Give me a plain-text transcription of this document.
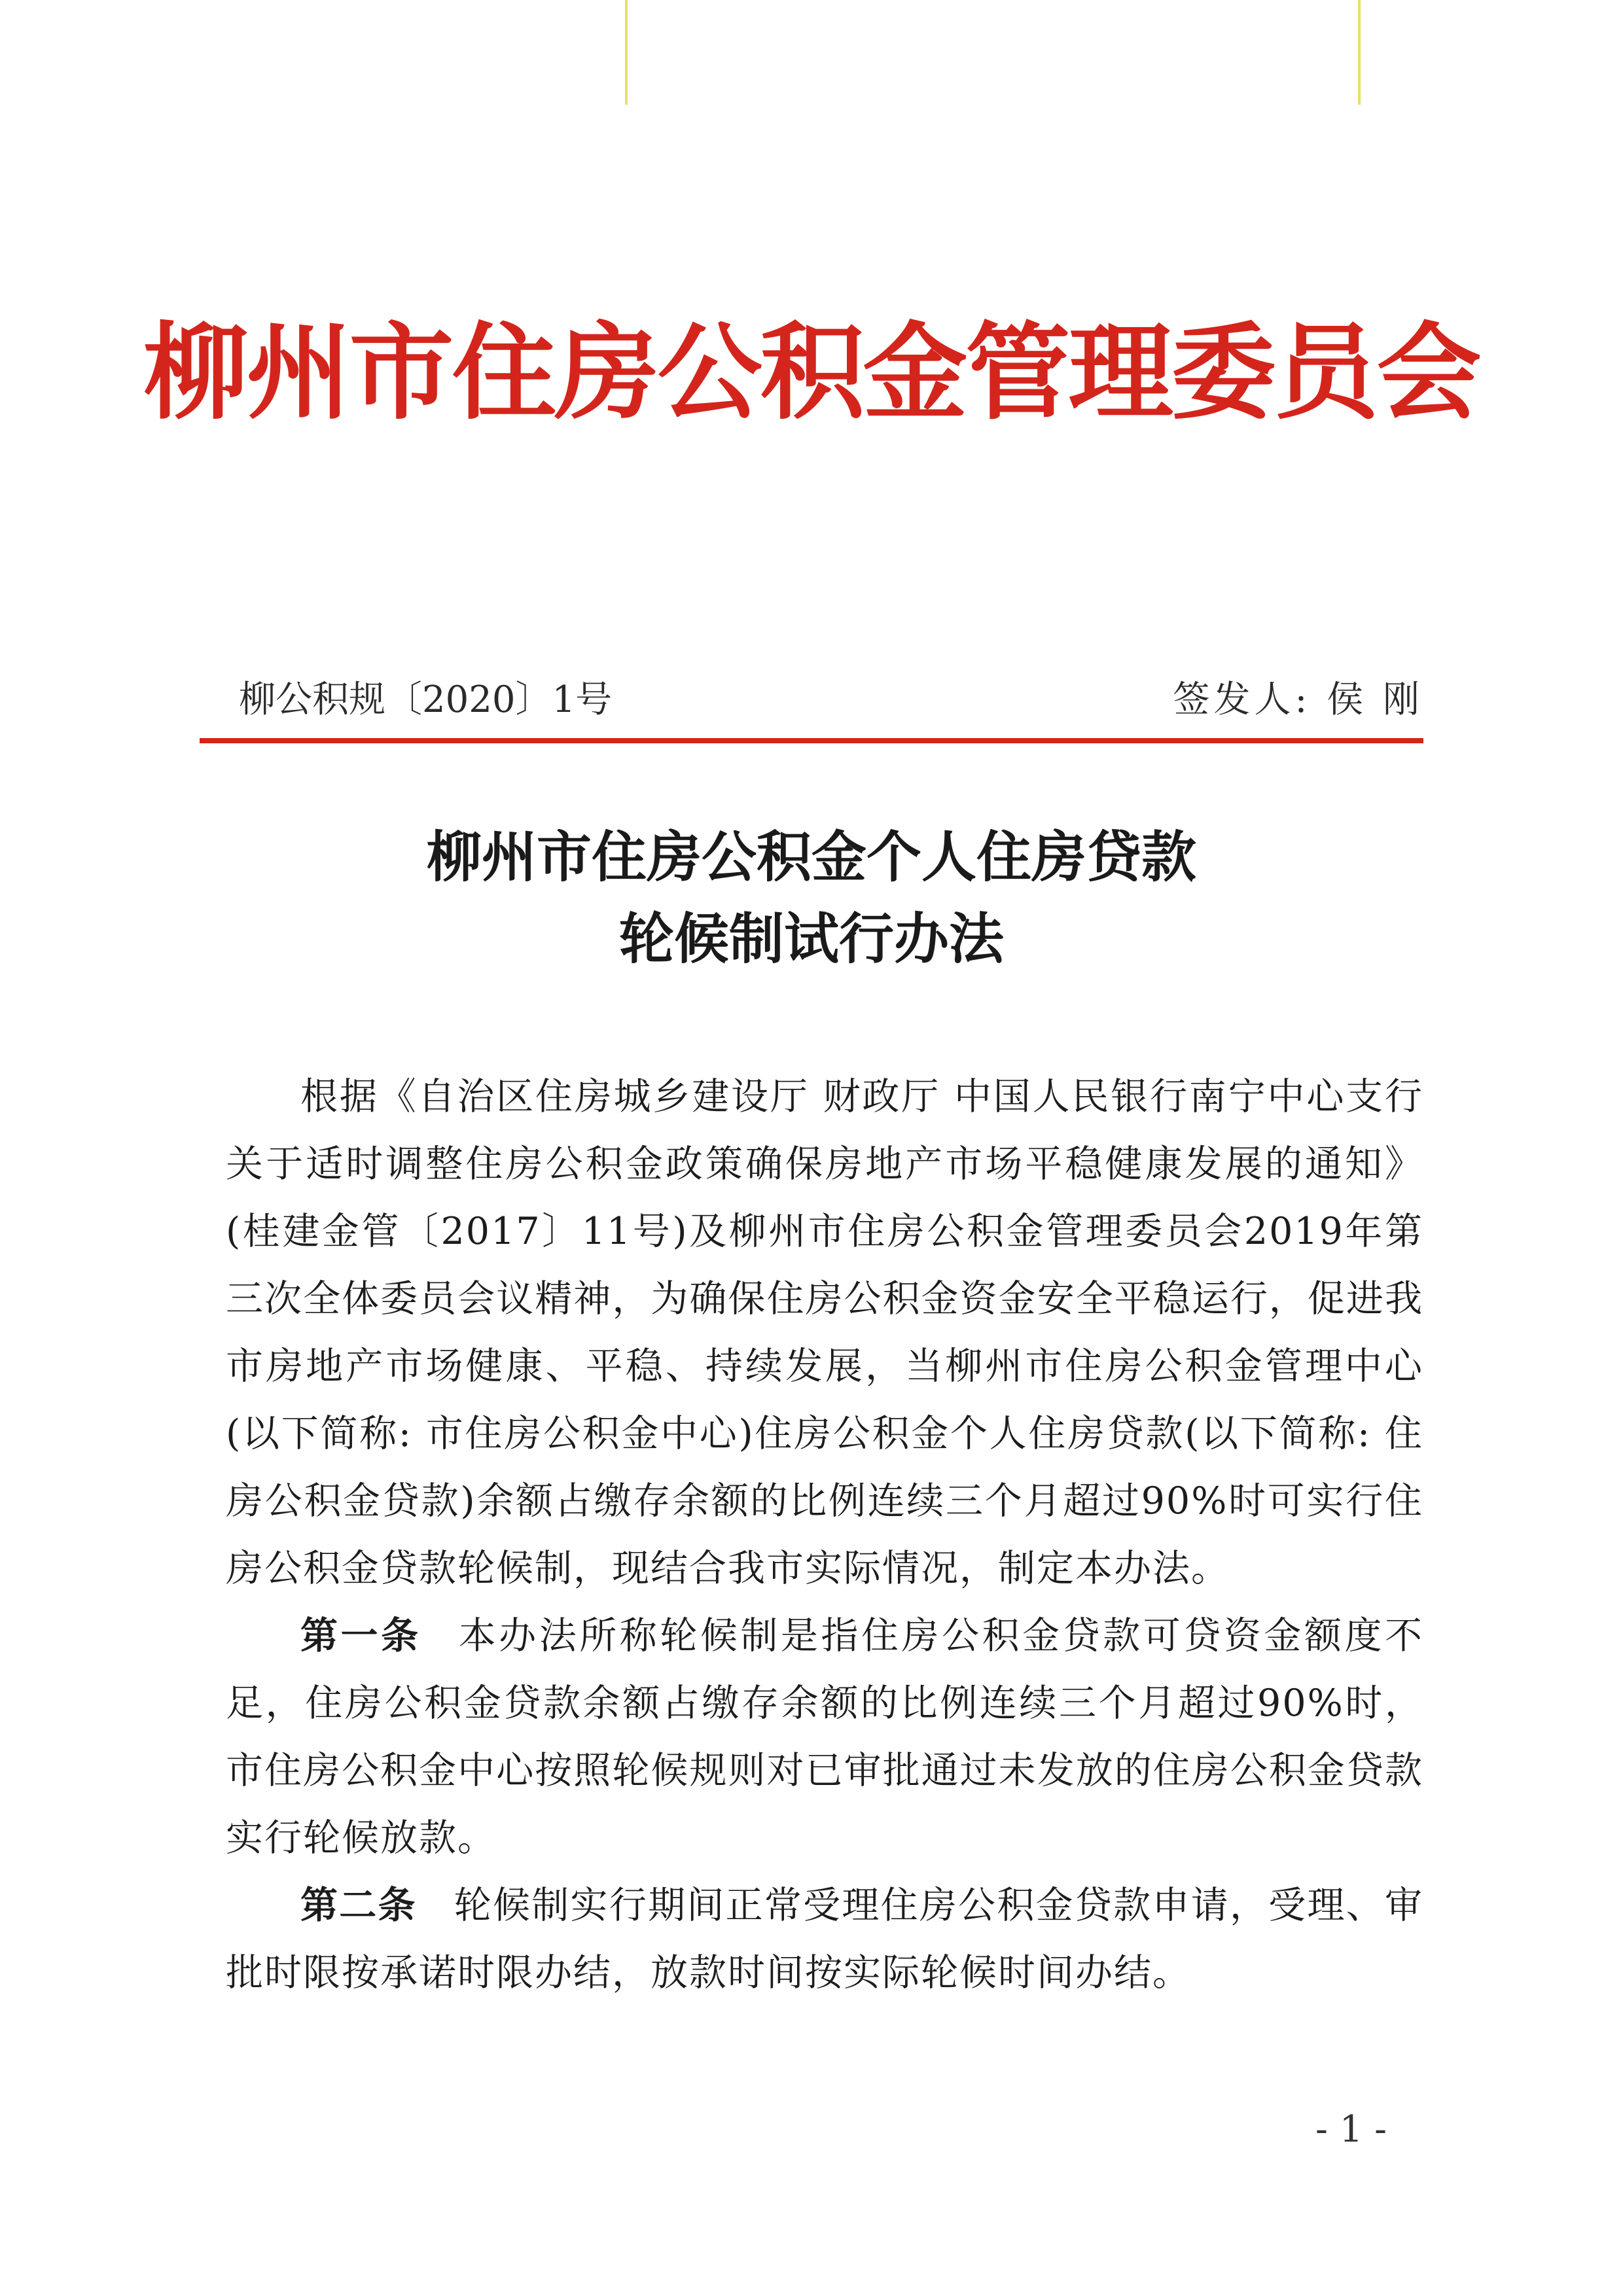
柳州市住房公积金管理委员会
柳公积规〔2020〕1号	签发人: 侯 刚
柳州市住房公积金个人住房贷款
轮候制试行办法

根据《自治区住房城乡建设厅 财政厅 中国人民银行南宁中心支行关于适时调整住房公积金政策确保房地产市场平稳健康发展的通知》(桂建金管〔2017〕11号)及柳州市住房公积金管理委员会2019年第三次全体委员会议精神，为确保住房公积金资金安全平稳运行，促进我市房地产市场健康、平稳、持续发展，当柳州市住房公积金管理中心(以下简称: 市住房公积金中心)住房公积金个人住房贷款(以下简称: 住房公积金贷款)余额占缴存余额的比例连续三个月超过90%时可实行住房公积金贷款轮候制，现结合我市实际情况，制定本办法。

第一条 本办法所称轮候制是指住房公积金贷款可贷资金额度不足，住房公积金贷款余额占缴存余额的比例连续三个月超过90%时，市住房公积金中心按照轮候规则对已审批通过未发放的住房公积金贷款实行轮候放款。

第二条 轮候制实行期间正常受理住房公积金贷款申请，受理、审批时限按承诺时限办结，放款时间按实际轮候时间办结。

- 1 -
